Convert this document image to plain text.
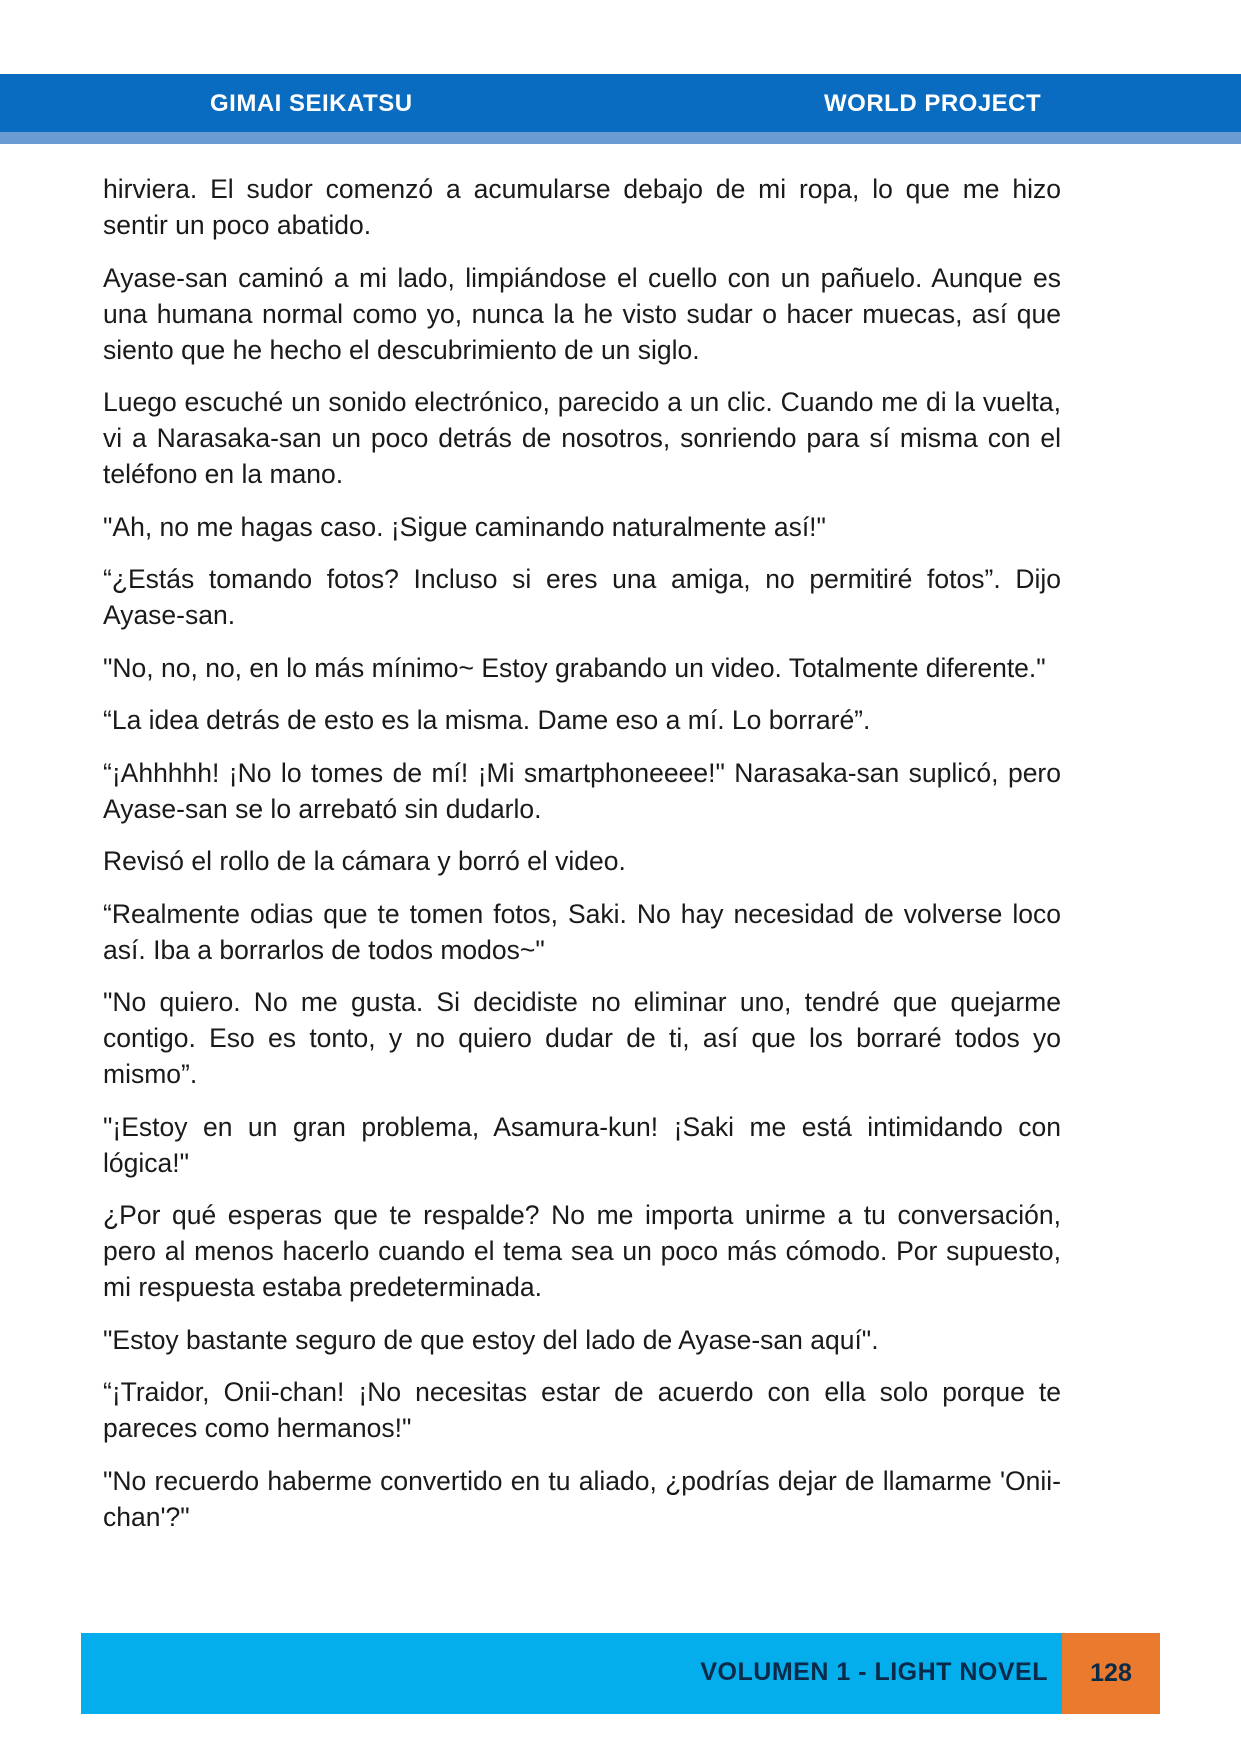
GIMAI SEIKATSU	WORLD PROJECT

hirviera. El sudor comenzó a acumularse debajo de mi ropa, lo que me hizo sentir un poco abatido.

Ayase-san caminó a mi lado, limpiándose el cuello con un pañuelo. Aunque es una humana normal como yo, nunca la he visto sudar o hacer muecas, así que siento que he hecho el descubrimiento de un siglo.

Luego escuché un sonido electrónico, parecido a un clic. Cuando me di la vuelta, vi a Narasaka-san un poco detrás de nosotros, sonriendo para sí misma con el teléfono en la mano.

"Ah, no me hagas caso. ¡Sigue caminando naturalmente así!"

“¿Estás tomando fotos? Incluso si eres una amiga, no permitiré fotos”. Dijo Ayase-san.

"No, no, no, en lo más mínimo~ Estoy grabando un video. Totalmente diferente."

“La idea detrás de esto es la misma. Dame eso a mí. Lo borraré”.

“¡Ahhhhh! ¡No lo tomes de mí! ¡Mi smartphoneeee!" Narasaka-san suplicó, pero Ayase-san se lo arrebató sin dudarlo.

Revisó el rollo de la cámara y borró el video.

“Realmente odias que te tomen fotos, Saki. No hay necesidad de volverse loco así. Iba a borrarlos de todos modos~"

"No quiero. No me gusta. Si decidiste no eliminar uno, tendré que quejarme contigo. Eso es tonto, y no quiero dudar de ti, así que los borraré todos yo mismo”.

"¡Estoy en un gran problema, Asamura-kun! ¡Saki me está intimidando con lógica!"

¿Por qué esperas que te respalde? No me importa unirme a tu conversación, pero al menos hacerlo cuando el tema sea un poco más cómodo. Por supuesto, mi respuesta estaba predeterminada.

"Estoy bastante seguro de que estoy del lado de Ayase-san aquí".

“¡Traidor, Onii-chan! ¡No necesitas estar de acuerdo con ella solo porque te pareces como hermanos!"

"No recuerdo haberme convertido en tu aliado, ¿podrías dejar de llamarme 'Onii-chan'?"

VOLUMEN 1 - LIGHT NOVEL	128
